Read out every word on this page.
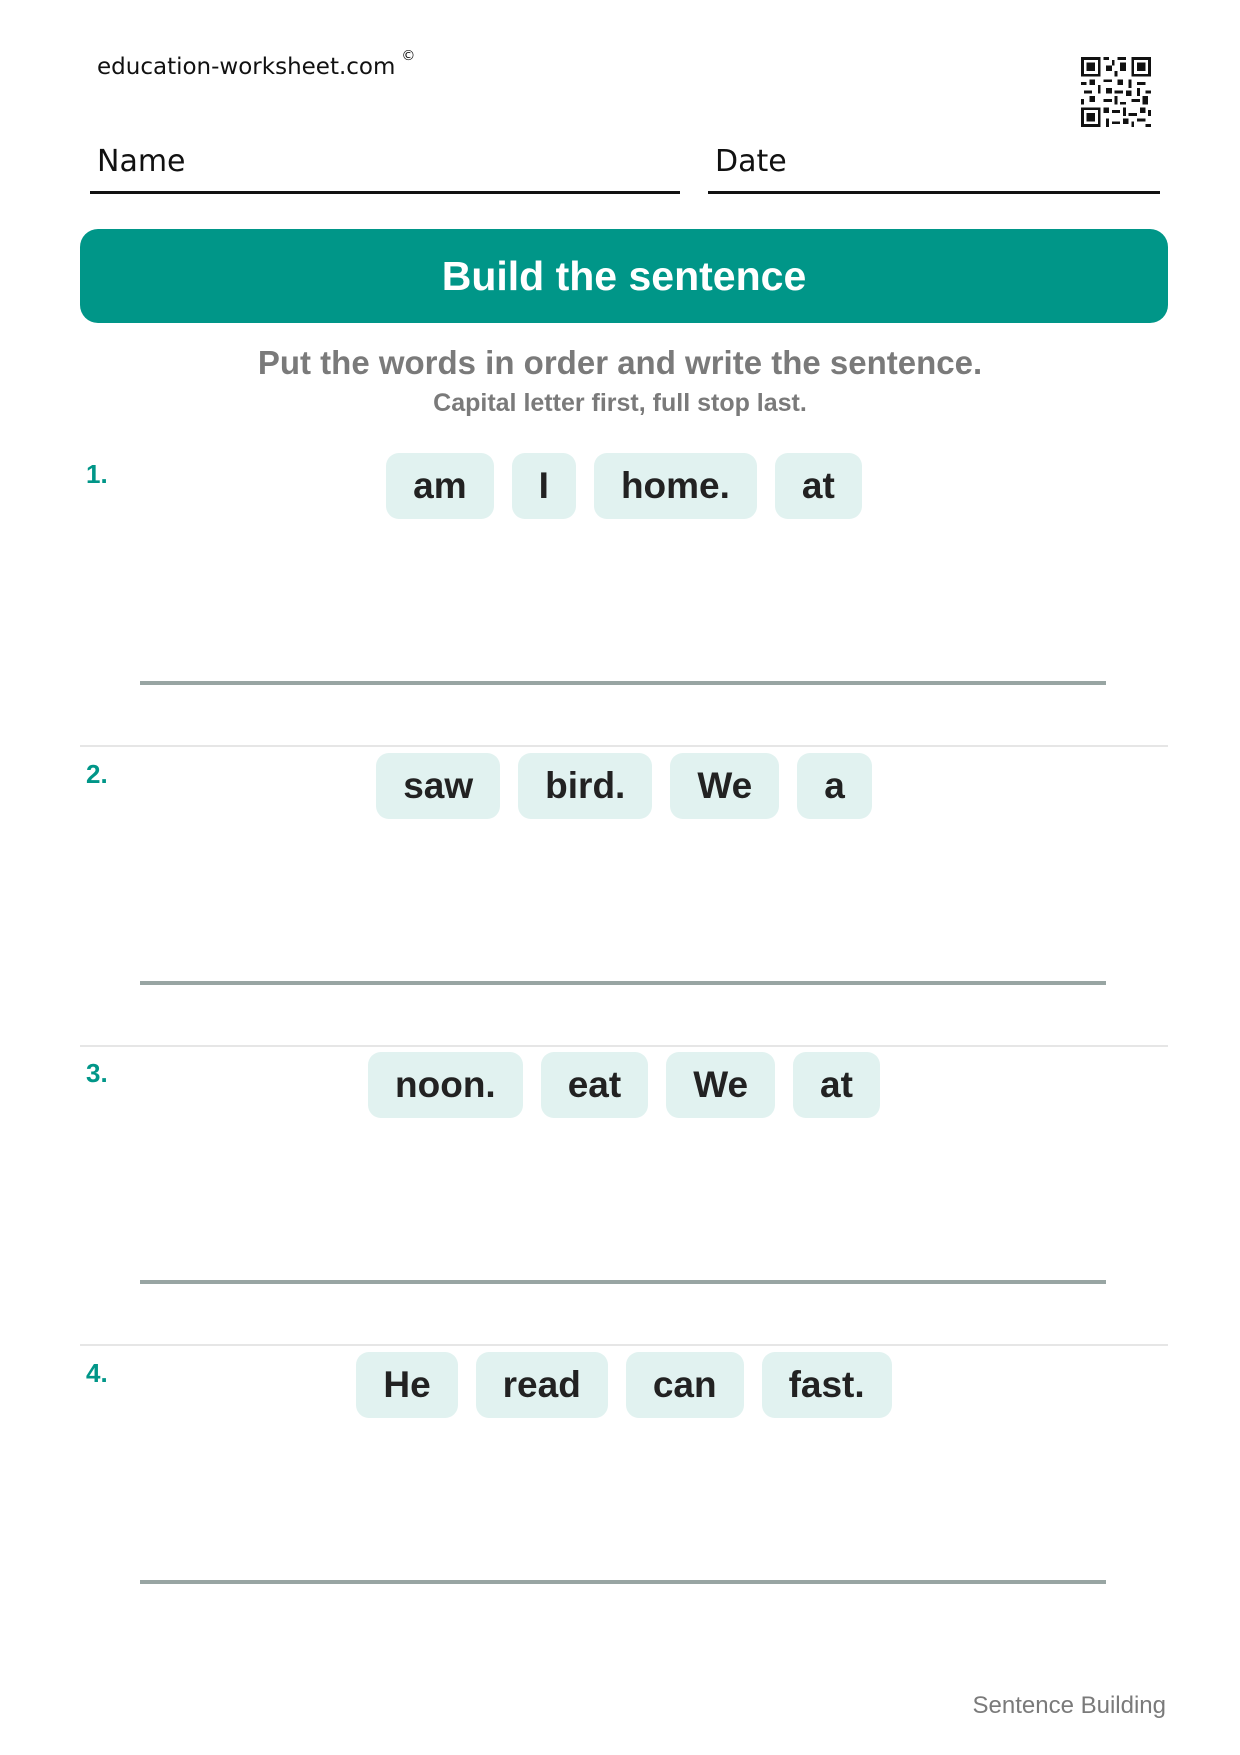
education-worksheet.com ©
Name	Date
Build the sentence
Put the words in order and write the sentence.
Capital letter first, full stop last.
1.	am	I	home.	at
2.	saw	bird.	We	a
3.	noon.	eat	We	at
4.	He	read	can	fast.
Sentence Building
